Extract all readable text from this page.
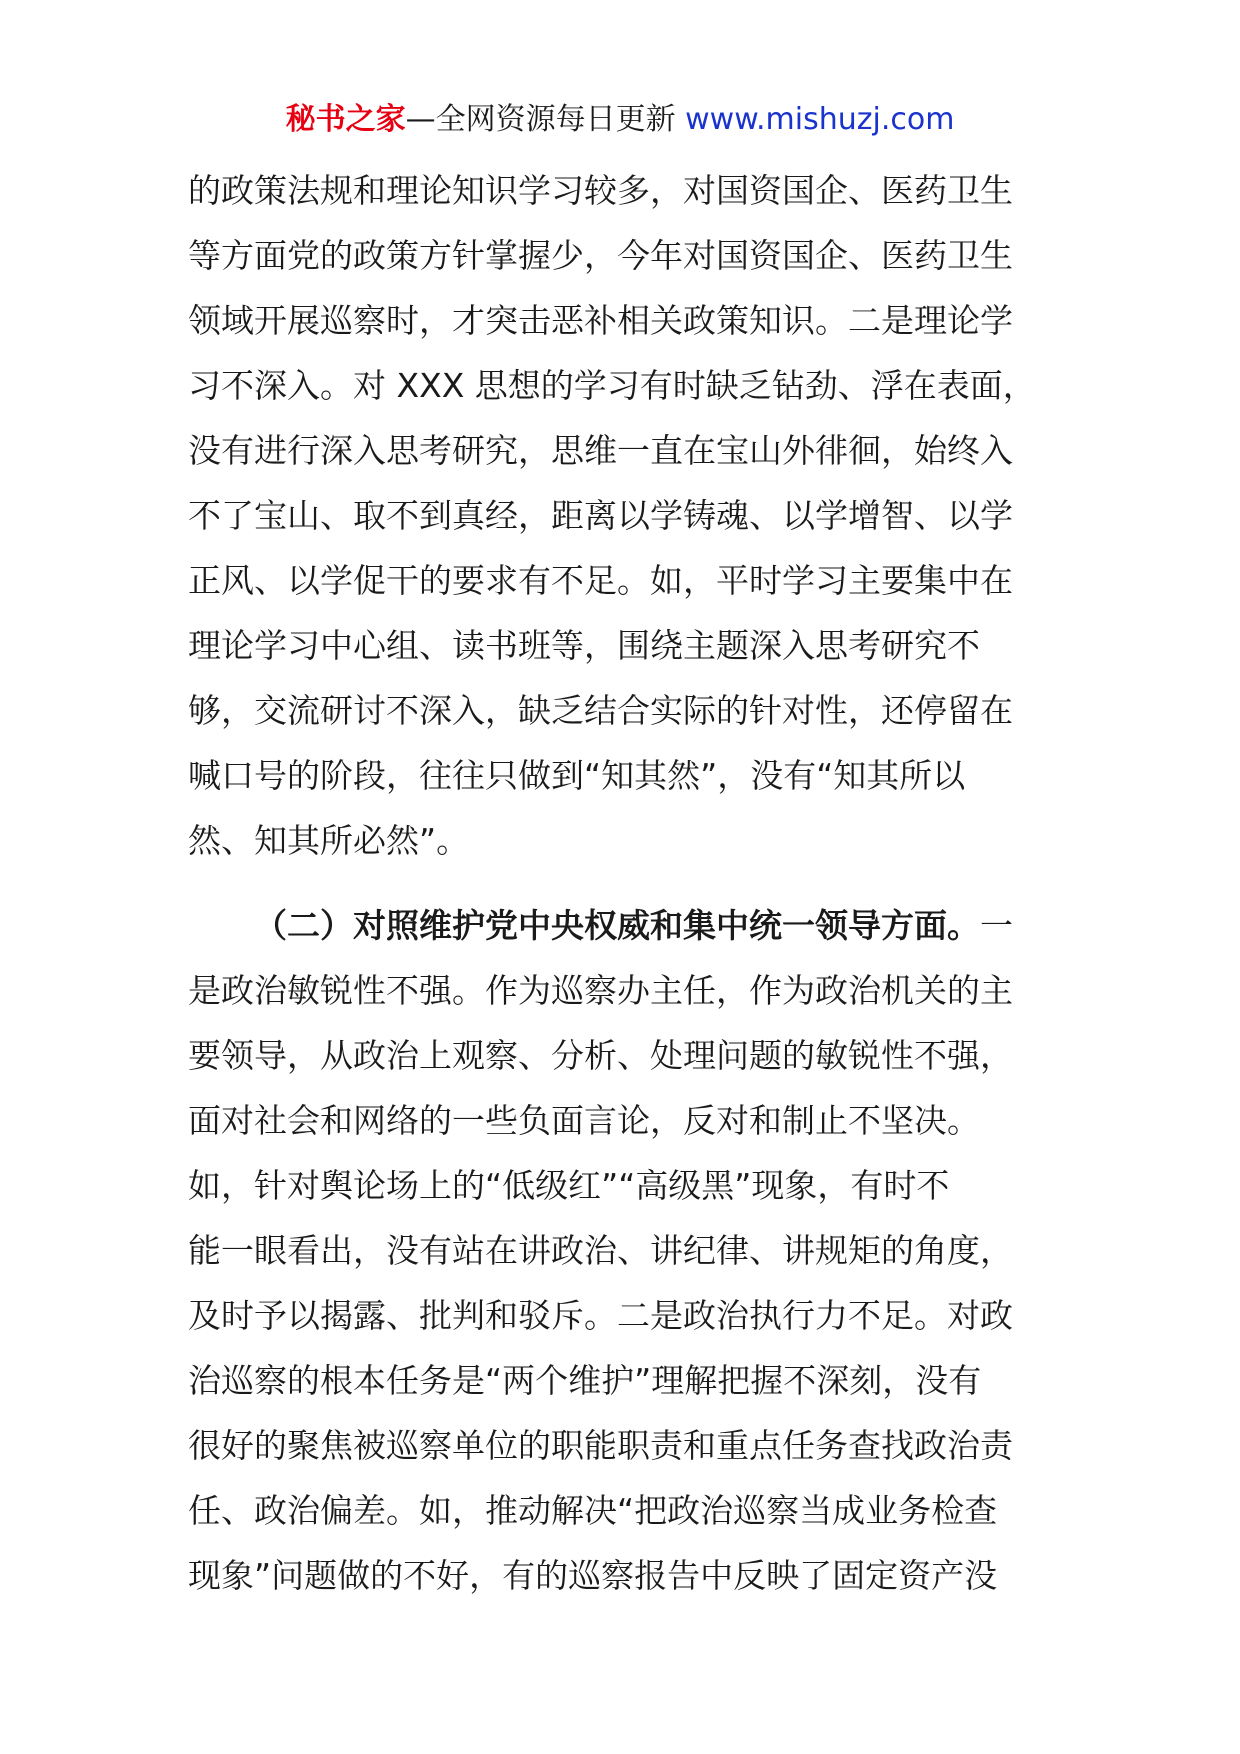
秘书之家—全网资源每日更新 www.mishuzj.com
的政策法规和理论知识学习较多，对国资国企、医药卫生
等方面党的政策方针掌握少，今年对国资国企、医药卫生
领域开展巡察时，才突击恶补相关政策知识。二是理论学
习不深入。对 XXX 思想的学习有时缺乏钻劲、浮在表面，
没有进行深入思考研究，思维一直在宝山外徘徊，始终入
不了宝山、取不到真经，距离以学铸魂、以学增智、以学
正风、以学促干的要求有不足。如，平时学习主要集中在
理论学习中心组、读书班等，围绕主题深入思考研究不
够，交流研讨不深入，缺乏结合实际的针对性，还停留在
喊口号的阶段，往往只做到“知其然”，没有“知其所以
然、知其所必然”。
（二）对照维护党中央权威和集中统一领导方面。一
是政治敏锐性不强。作为巡察办主任，作为政治机关的主
要领导，从政治上观察、分析、处理问题的敏锐性不强，
面对社会和网络的一些负面言论，反对和制止不坚决。
如，针对舆论场上的“低级红”“高级黑”现象，有时不
能一眼看出，没有站在讲政治、讲纪律、讲规矩的角度，
及时予以揭露、批判和驳斥。二是政治执行力不足。对政
治巡察的根本任务是“两个维护”理解把握不深刻，没有
很好的聚焦被巡察单位的职能职责和重点任务查找政治责
任、政治偏差。如，推动解决“把政治巡察当成业务检查
现象”问题做的不好，有的巡察报告中反映了固定资产没
